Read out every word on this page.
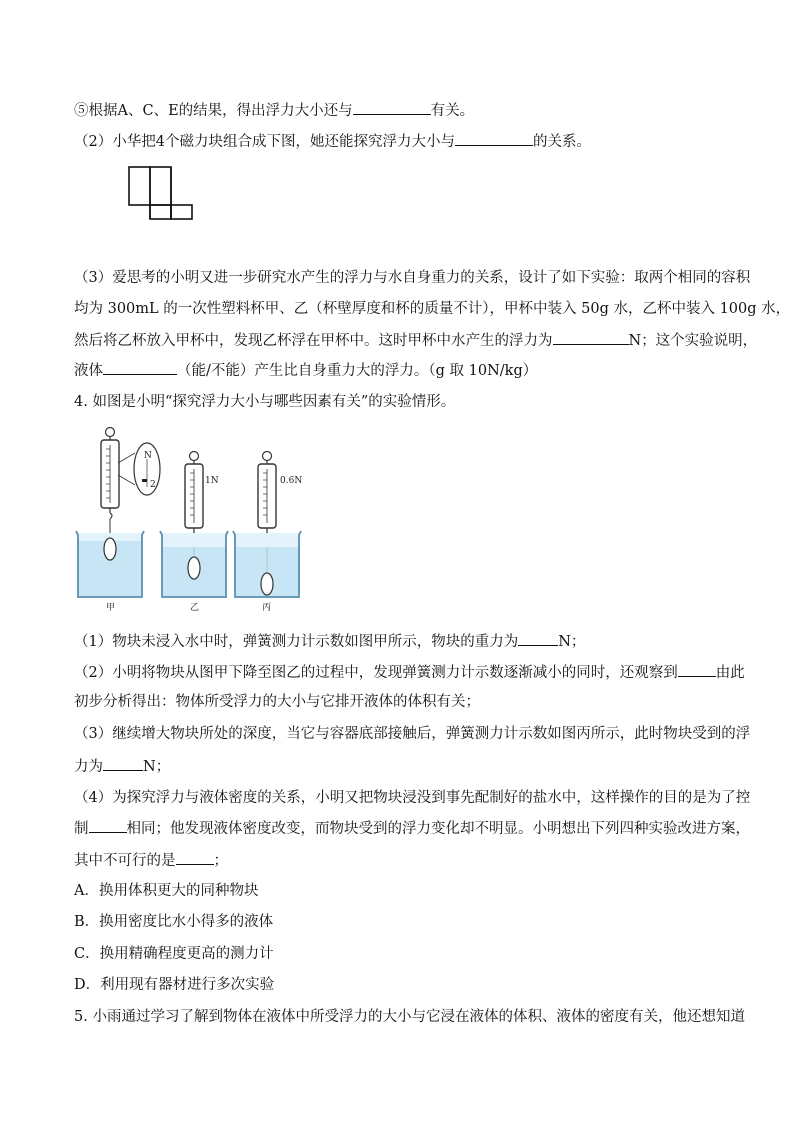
⑤根据A、C、E的结果，得出浮力大小还与	有关。
（2）小华把4个磁力块组合成下图，她还能探究浮力大小与	的关系。
（3）爱思考的小明又进一步研究水产生的浮力与水自身重力的关系，设计了如下实验：取两个相同的容积
均为 300mL 的一次性塑料杯甲、乙（杯壁厚度和杯的质量不计），甲杯中装入 50g 水，乙杯中装入 100g 水，
然后将乙杯放入甲杯中，发现乙杯浮在甲杯中。这时甲杯中水产生的浮力为	N；这个实验说明，
液体	（能/不能）产生比自身重力大的浮力。（g 取 10N/kg）
4. 如图是小明“探究浮力大小与哪些因素有关”的实验情形。
N
2
甲
1N
乙
0.6N
丙
（1）物块未浸入水中时，弹簧测力计示数如图甲所示，物块的重力为	N；
（2）小明将物块从图甲下降至图乙的过程中，发现弹簧测力计示数逐渐减小的同时，还观察到	由此
初步分析得出：物体所受浮力的大小与它排开液体的体积有关；
（3）继续增大物块所处的深度，当它与容器底部接触后，弹簧测力计示数如图丙所示，此时物块受到的浮
力为	N；
（4）为探究浮力与液体密度的关系，小明又把物块浸没到事先配制好的盐水中，这样操作的目的是为了控
制	相同；他发现液体密度改变，而物块受到的浮力变化却不明显。小明想出下列四种实验改进方案，
其中不可行的是	；
A．换用体积更大的同种物块
B．换用密度比水小得多的液体
C．换用精确程度更高的测力计
D．利用现有器材进行多次实验
5. 小雨通过学习了解到物体在液体中所受浮力的大小与它浸在液体的体积、液体的密度有关，他还想知道
